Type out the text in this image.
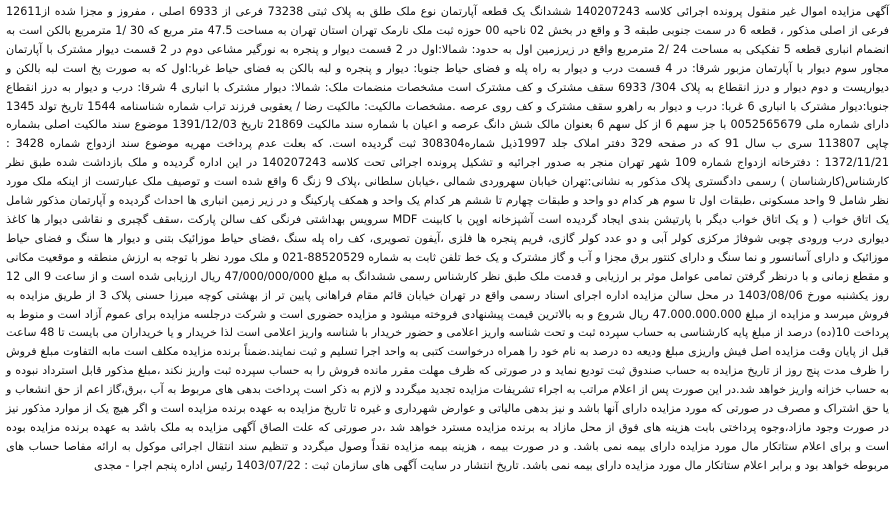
آگهی مزایده اموال غیر منقول پرونده اجرائی کلاسه 140207243 ششدانگ یک قطعه آپارتمان نوع ملک طلق به پلاک ثبتی 73238 فرعی از 6933 اصلی ، مفروز و مجزا شده از12611 فرعی از اصلی مذکور ، قطعه 6 در سمت جنوبی طبقه 3 و واقع در بخش 02 ناحیه 00 حوزه ثبت ملک نارمک تهران استان تهران به مساحت 47.5 متر مربع که 30 /1 مترمربع بالکن است به انضمام انباری قطعه 5 تفکیکی به مساحت 24 /2 مترمربع واقع در زیرزمین اول به حدود: شمالا:اول در 2 قسمت دیوار و پنجره به نورگیر مشاعی دوم در 2 قسمت دیوار مشترک با آپارتمان مجاور سوم دیوار با آپارتمان مزبور شرقا: در 4 قسمت درب و دیوار به راه پله و فضای حیاط جنوبا: دیوار و پنجره و لبه بالکن به فضای حیاط غربا:اول که به صورت پخ است لبه بالکن و دیواریست و دوم دیوار و درز انقطاع به پلاک 304/ 6933 سقف مشترک و کف مشترک است مشخصات منضمات ملک: شمالا: دیوار مشترک با انباری 4 شرقا: درب و دیوار به درز انقطاع جنوبا:دیوار مشترک با انباری 6 غربا: درب و دیوار به راهرو سقف مشترک و کف روی عرصه .مشخصات مالکیت: مالکیت رضا / یعقوبی فرزند تراب شماره شناسنامه 1544 تاریخ تولد 1345 دارای شماره ملی 0052565679 با جز سهم 6 از کل سهم 6 بعنوان مالک شش دانگ عرصه و اعیان با شماره سند مالکیت 21869 تاریخ 1391/12/03 موضوع سند مالکیت اصلی بشماره چاپی 113807 سری ب سال 91 که در صفحه 329 دفتر املاک جلد 1997ذیل شماره308304 ثبت گردیده است. که بعلت عدم پرداخت مهریه موضوع سند ازدواج شماره 3428 : 1372/11/21 : دفترخانه ازدواج شماره 109 شهر تهران منجر به صدور اجرائیه و تشکیل پرونده اجرائی تحت کلاسه 140207243 در این اداره گردیده و ملک بازداشت شده طبق نظر کارشناس(کارشناسان ) رسمی دادگستری پلاک مذکور به نشانی:تهران خیابان سهروردی شمالی ،خیابان سلطانی ،پلاک 9 زنگ 6 واقع شده است و توصیف ملک عبارتست از اینکه ملک مورد نظر شامل 9 واحد مسکونی ،طبقات اول تا سوم هر کدام دو واحد و طبقات چهارم تا ششم هر کدام یک واحد و همکف پارکینگ و در زیر زمین انباری ها احداث گردیده و آپارتمان مذکور شامل یک اتاق خواب ( و یک اتاق خواب دیگر با پارتیشن بندی ایجاد گردیده است آشپزخانه اوپن با کابینت MDF سرویس بهداشتی فرنگی کف سالن پارکت ،سقف گچبری و نقاشی دیوار ها کاغذ دیواری درب ورودی چوبی شوفاژ مرکزی کولر آبی و دو عدد کولر گازی، فریم پنجره ها فلزی ،آیفون تصویری، کف راه پله سنگ ،فضای حیاط موزائیک بتنی و دیوار ها سنگ و فضای حیاط موزائیک و دارای آسانسور و نما سنگ و دارای کنتور برق مجزا و آب و گاز مشترک و یک خط تلفن ثابت به شماره 88520529-021 و ملک مورد نظر با توجه به ارزش منطقه و موقعیت مکانی و مقطع زمانی و با درنظر گرفتن تمامی عوامل موثر بر ارزیابی و قدمت ملک طبق نظر کارشناس رسمی ششدانگ به مبلغ 47/000/000/000 ریال ارزیابی شده است و از ساعت 9 الی 12 روز یکشنبه مورخ 1403/08/06 در محل سالن مزایده اداره اجرای اسناد رسمی واقع در تهران خیابان قائم مقام فراهانی پایین تر از بهشتی کوچه میرزا حسنی پلاک 3 از طریق مزایده به فروش میرسد و مزایده از مبلغ 47.000.000.000 ریال شروع و به بالاترین قیمت پیشنهادی فروخته میشود و مزایده حضوری است و شرکت درجلسه مزایده برای عموم آزاد است و منوط به پرداخت 10(ده) درصد از مبلغ پایه کارشناسی به حساب سپرده ثبت و تحت شناسه واریز اعلامی و حضور خریدار با شناسه واریز اعلامی است لذا خریدار و یا خریداران می بایست تا 48 ساعت قبل از پایان وقت مزایده اصل فیش واریزی مبلغ ودیعه ده درصد به نام خود را همراه درخواست کتبی به واحد اجرا تسلیم و ثبت نمایند.ضمناً برنده مزایده مکلف است مابه التفاوت مبلغ فروش را ظرف مدت پنج روز از تاریخ مزایده به حساب صندوق ثبت تودیع نماید و در صورتی که ظرف مهلت مقرر مانده فروش را به حساب سپرده ثبت واریز نکند ،مبلغ مذکور قابل استرداد نبوده و به حساب خزانه واریز خواهد شد.در این صورت پس از اعلام مراتب به اجراء تشریفات مزایده تجدید میگردد و لازم به ذکر است پرداخت بدهی های مربوط به آب ،برق،گاز اعم از حق انشعاب و یا حق اشتراک و مصرف در صورتی که مورد مزایده دارای آنها باشد و نیز بدهی مالیاتی و عوارض شهرداری و غیره تا تاریخ مزایده به عهده برنده مزایده است و اگر هیچ یک از موارد مذکور نیز در صورت وجود مازاد،وجوه پرداختی بابت هزینه های فوق از محل مازاد به برنده مزایده مسترد خواهد شد ،در صورتی که علت الصاق آگهی مزایده به ملک باشد به عهده برنده مزایده بوده است و برای اعلام ستاتکار مال مورد مزایده دارای بیمه نمی باشد. و در صورت بیمه ، هزینه بیمه مزایده نقداً وصول میگردد و تنظیم سند انتقال اجرائی موکول به ارائه مفاصا حساب های مربوطه خواهد بود و برابر اعلام ستاتکار مال مورد مزایده دارای بیمه نمی باشد. تاریخ انتشار در سایت آگهی های سازمان ثبت : 1403/07/22 رئیس اداره پنجم اجرا - مجدی
